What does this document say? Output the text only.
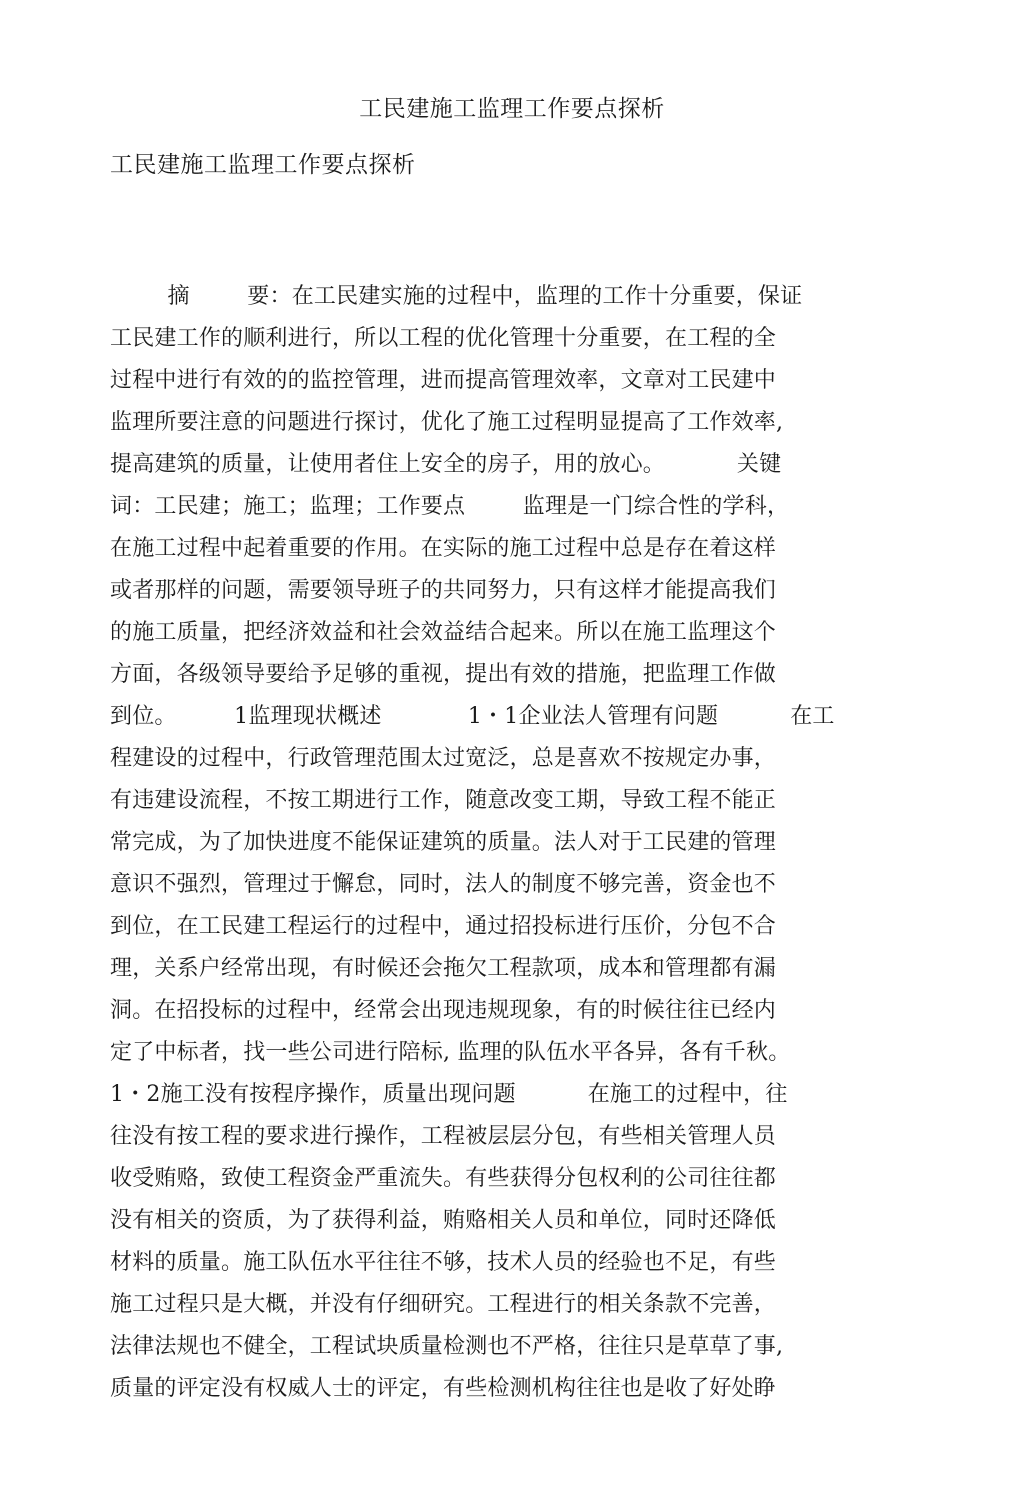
工民建施工监理工作要点探析
工民建施工监理工作要点探析
摘        要：在工民建实施的过程中，监理的工作十分重要，保证
工民建工作的顺利进行，所以工程的优化管理十分重要，在工程的全
过程中进行有效的的监控管理，进而提高管理效率，文章对工民建中
监理所要注意的问题进行探讨，优化了施工过程明显提高了工作效率,
提高建筑的质量，让使用者住上安全的房子，用的放心。          关键
词：工民建；施工；监理；工作要点        监理是一门综合性的学科，
在施工过程中起着重要的作用。在实际的施工过程中总是存在着这样
或者那样的问题，需要领导班子的共同努力，只有这样才能提高我们
的施工质量，把经济效益和社会效益结合起来。所以在施工监理这个
方面，各级领导要给予足够的重视，提出有效的措施，把监理工作做
到位。        1监理现状概述            1・1企业法人管理有问题          在工
程建设的过程中，行政管理范围太过宽泛，总是喜欢不按规定办事，
有违建设流程，不按工期进行工作，随意改变工期，导致工程不能正
常完成，为了加快进度不能保证建筑的质量。法人对于工民建的管理
意识不强烈，管理过于懈怠，同时，法人的制度不够完善，资金也不
到位，在工民建工程运行的过程中，通过招投标进行压价，分包不合
理，关系户经常出现，有时候还会拖欠工程款项，成本和管理都有漏
洞。在招投标的过程中，经常会出现违规现象，有的时候往往已经内
定了中标者，找一些公司进行陪标, 监理的队伍水平各异，各有千秋。
1・2施工没有按程序操作，质量出现问题          在施工的过程中，往
往没有按工程的要求进行操作，工程被层层分包，有些相关管理人员
收受贿赂，致使工程资金严重流失。有些获得分包权利的公司往往都
没有相关的资质，为了获得利益，贿赂相关人员和单位，同时还降低
材料的质量。施工队伍水平往往不够，技术人员的经验也不足，有些
施工过程只是大概，并没有仔细研究。工程进行的相关条款不完善，
法律法规也不健全，工程试块质量检测也不严格，往往只是草草了事,
质量的评定没有权威人士的评定，有些检测机构往往也是收了好处睁
